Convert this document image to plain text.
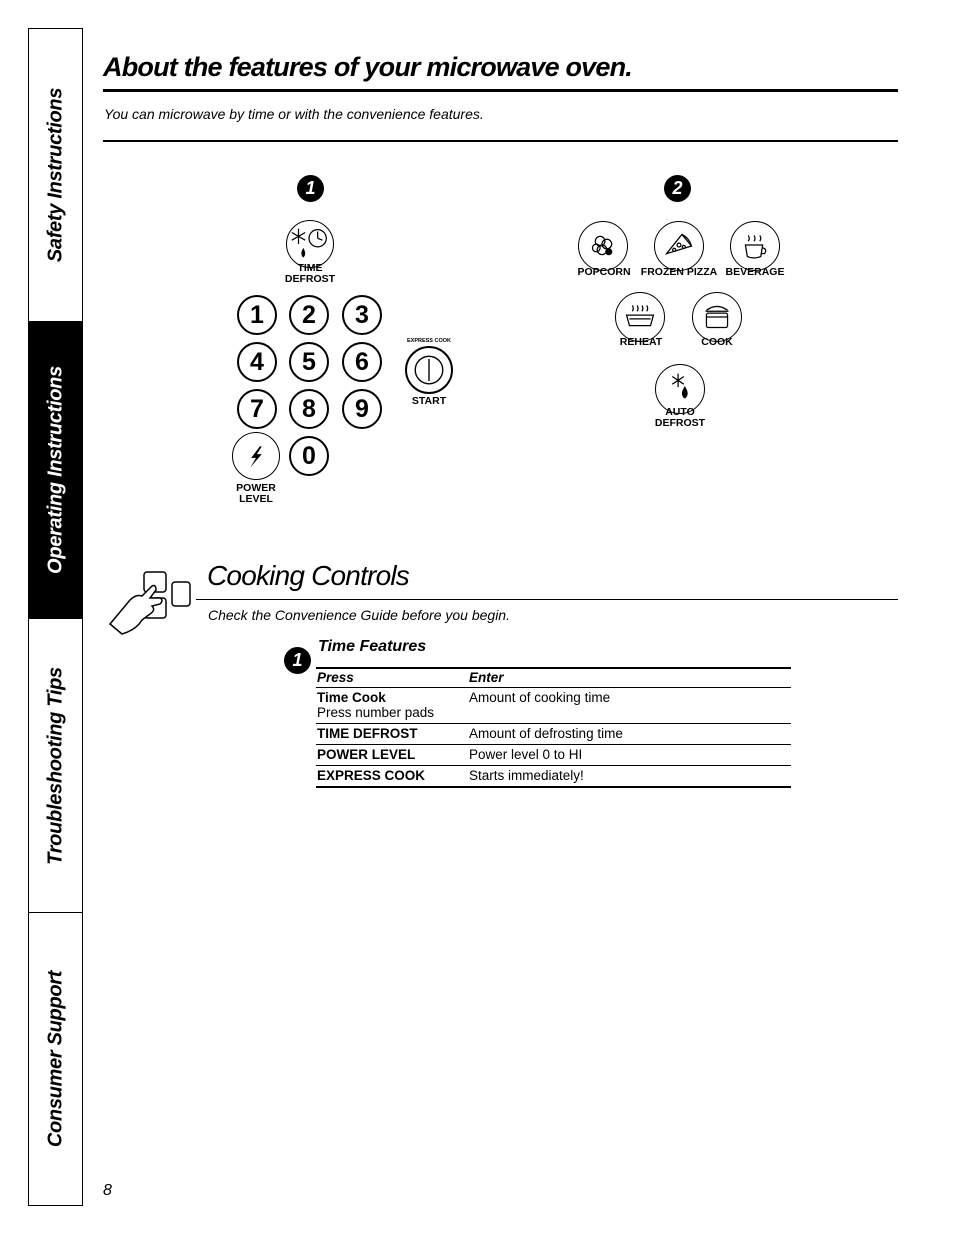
Safety Instructions
Operating Instructions
Troubleshooting Tips
Consumer Support
About the features of your microwave oven.
You can microwave by time or with the convenience features.
1
TIME
DEFROST
1	2	3
4	5	6
7	8	9
0
POWER
LEVEL
EXPRESS COOK
START
2
POPCORN FROZEN PIZZA BEVERAGE
REHEAT	COOK
AUTO
DEFROST
Cooking Controls
Check the Convenience Guide before you begin.
1
Time Features
Press	Enter
Time Cook
Press number pads	Amount of cooking time
TIME DEFROST	Amount of defrosting time
POWER LEVEL	Power level 0 to HI
EXPRESS COOK	Starts immediately!
8
